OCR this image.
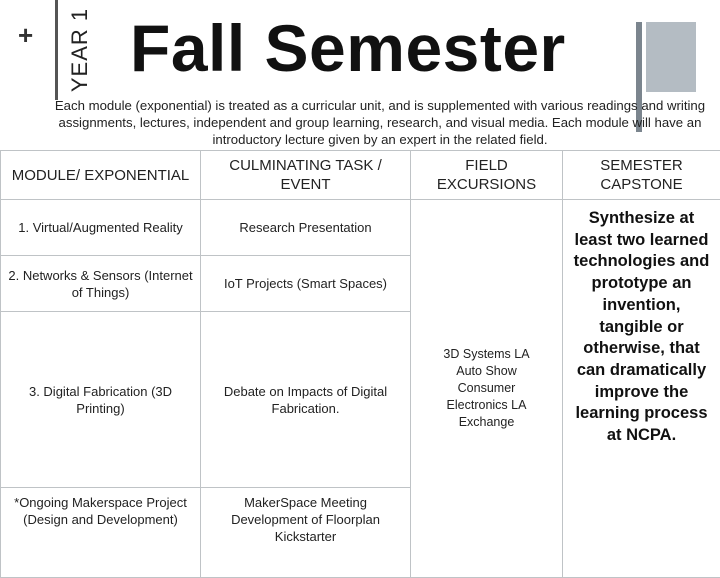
+ YEAR 1 Fall Semester
Each module (exponential) is treated as a curricular unit, and is supplemented with various readings and writing assignments, lectures, independent and group learning, research, and visual media. Each module will have an introductory lecture given by an expert in the related field.
MODULE/ EXPONENTIAL	CULMINATING TASK / EVENT	FIELD EXCURSIONS	SEMESTER CAPSTONE
1. Virtual/Augmented Reality	Research Presentation	3D Systems LA Auto Show Consumer Electronics LA Exchange	Synthesize at least two learned technologies and prototype an invention, tangible or otherwise, that can dramatically improve the learning process at NCPA.
2. Networks & Sensors (Internet of Things)	IoT Projects (Smart Spaces)		
3. Digital Fabrication (3D Printing)	Debate on Impacts of Digital Fabrication.		
*Ongoing Makerspace Project (Design and Development)	MakerSpace Meeting Development of Floorplan Kickstarter		
